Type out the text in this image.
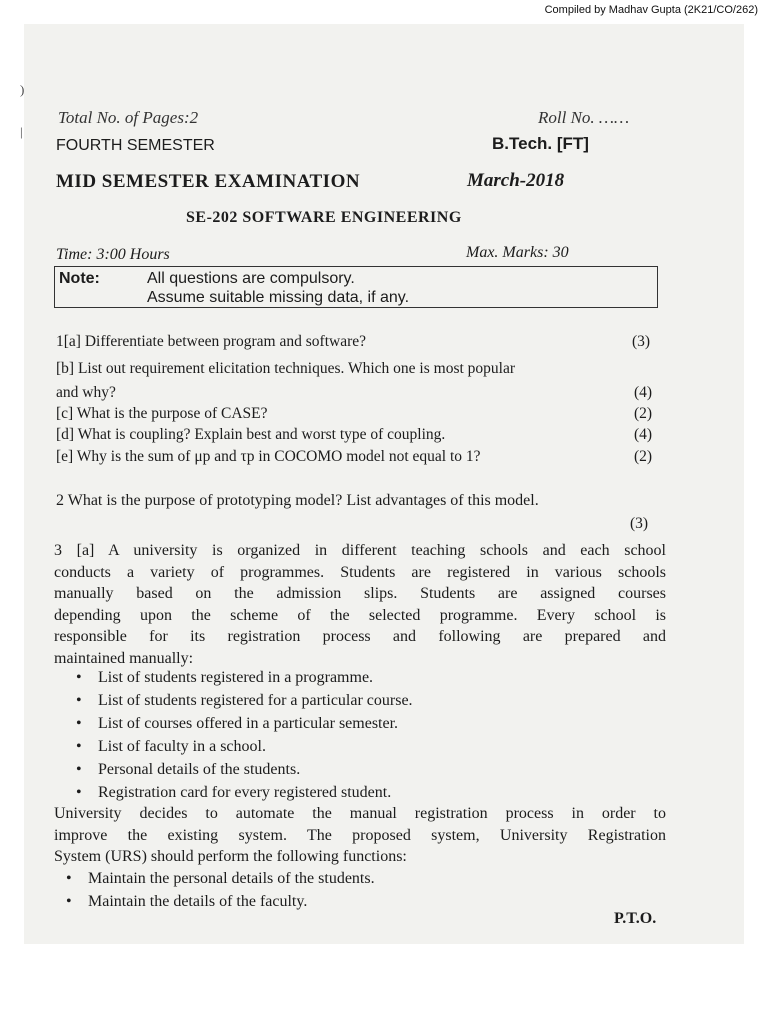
Compiled by Madhav Gupta (2K21/CO/262)
)
|
Total No. of Pages:2	Roll No. ……
FOURTH SEMESTER	B.Tech. [FT]
MID SEMESTER EXAMINATION	March-2018
SE-202 SOFTWARE ENGINEERING
Time: 3:00 Hours	Max. Marks: 30
Note:	All questions are compulsory.
Assume suitable missing data, if any.
1[a] Differentiate between program and software?	(3)
[b] List out requirement elicitation techniques. Which one is most popular
and why?	(4)
[c] What is the purpose of CASE?	(2)
[d] What is coupling? Explain best and worst type of coupling.	(4)
[e] Why is the sum of μp and τp in COCOMO model not equal to 1?	(2)
2 What is the purpose of prototyping model? List advantages of this model.
(3)
3 [a] A university is organized in different teaching schools and each school
conducts a variety of programmes. Students are registered in various schools
manually based on the admission slips. Students are assigned courses
depending upon the scheme of the selected programme. Every school is
responsible for its registration process and following are prepared and
maintained manually:
• List of students registered in a programme.
• List of students registered for a particular course.
• List of courses offered in a particular semester.
• List of faculty in a school.
• Personal details of the students.
• Registration card for every registered student.
University decides to automate the manual registration process in order to
improve the existing system. The proposed system, University Registration
System (URS) should perform the following functions:
• Maintain the personal details of the students.
• Maintain the details of the faculty.
P.T.O.
